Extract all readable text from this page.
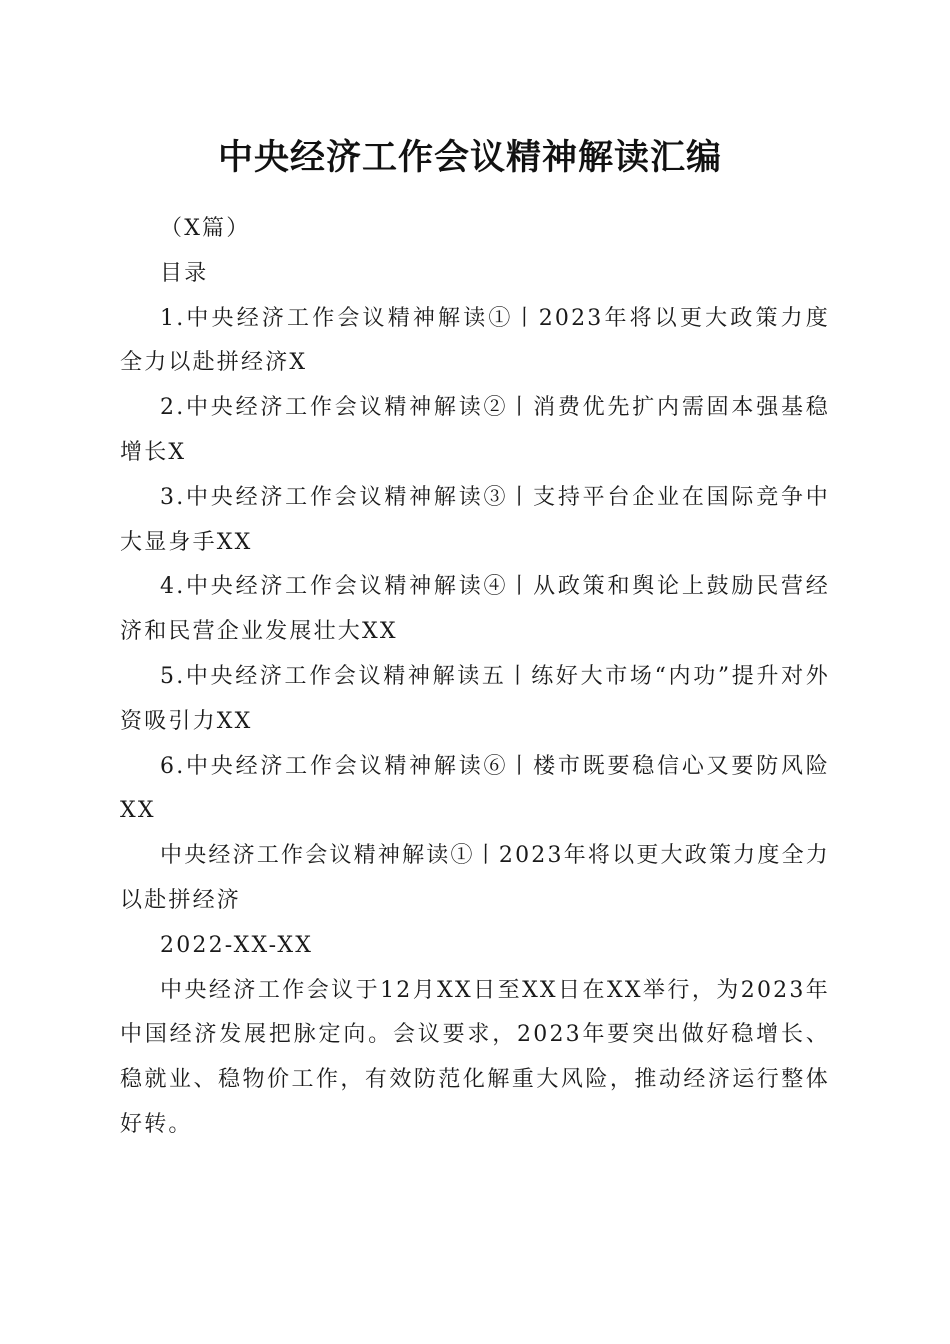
中央经济工作会议精神解读汇编

（X篇）

目录

1.中央经济工作会议精神解读①丨2023年将以更大政策力度全力以赴拼经济X

2.中央经济工作会议精神解读②丨消费优先扩内需固本强基稳增长X

3.中央经济工作会议精神解读③丨支持平台企业在国际竞争中大显身手XX

4.中央经济工作会议精神解读④丨从政策和舆论上鼓励民营经济和民营企业发展壮大XX

5.中央经济工作会议精神解读五丨练好大市场“内功”提升对外资吸引力XX

6.中央经济工作会议精神解读⑥丨楼市既要稳信心又要防风险XX

中央经济工作会议精神解读①丨2023年将以更大政策力度全力以赴拼经济

2022-XX-XX

中央经济工作会议于12月XX日至XX日在XX举行，为2023年中国经济发展把脉定向。会议要求，2023年要突出做好稳增长、稳就业、稳物价工作，有效防范化解重大风险，推动经济运行整体好转。
